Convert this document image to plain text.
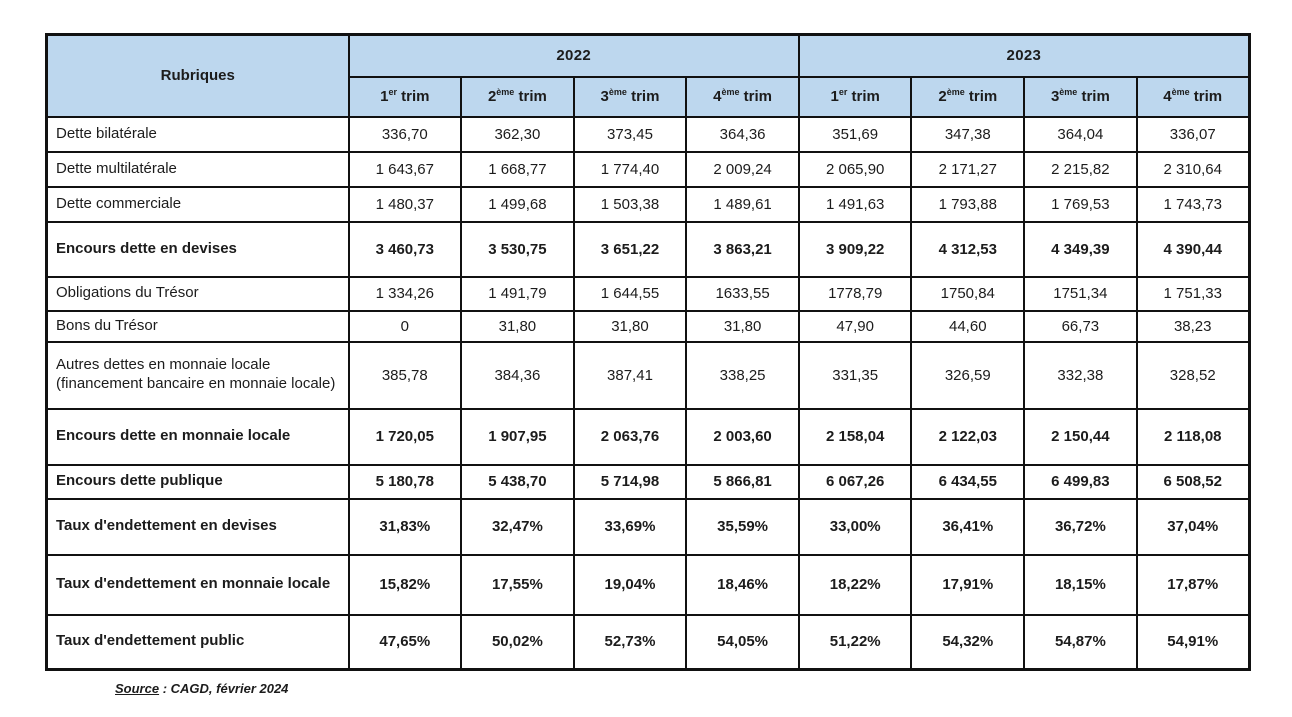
Rubriques	2022				2023			
	1er trim	2ème trim	3ème trim	4ème trim	1er trim	2ème trim	3ème trim	4ème trim
Dette bilatérale	336,70	362,30	373,45	364,36	351,69	347,38	364,04	336,07
Dette multilatérale	1 643,67	1 668,77	1 774,40	2 009,24	2 065,90	2 171,27	2 215,82	2 310,64
Dette commerciale	1 480,37	1 499,68	1 503,38	1 489,61	1 491,63	1 793,88	1 769,53	1 743,73
Encours dette en devises	3 460,73	3 530,75	3 651,22	3 863,21	3 909,22	4 312,53	4 349,39	4 390,44
Obligations du Trésor	1 334,26	1 491,79	1 644,55	1633,55	1778,79	1750,84	1751,34	1 751,33
Bons du Trésor	0	31,80	31,80	31,80	47,90	44,60	66,73	38,23
Autres dettes en monnaie locale (financement bancaire en monnaie locale)	385,78	384,36	387,41	338,25	331,35	326,59	332,38	328,52
Encours dette en monnaie locale	1 720,05	1 907,95	2 063,76	2 003,60	2 158,04	2 122,03	2 150,44	2 118,08
Encours dette publique	5 180,78	5 438,70	5 714,98	5 866,81	6 067,26	6 434,55	6 499,83	6 508,52
Taux d'endettement en devises	31,83%	32,47%	33,69%	35,59%	33,00%	36,41%	36,72%	37,04%
Taux d'endettement en monnaie locale	15,82%	17,55%	19,04%	18,46%	18,22%	17,91%	18,15%	17,87%
Taux d'endettement public	47,65%	50,02%	52,73%	54,05%	51,22%	54,32%	54,87%	54,91%
Source : CAGD, février 2024
